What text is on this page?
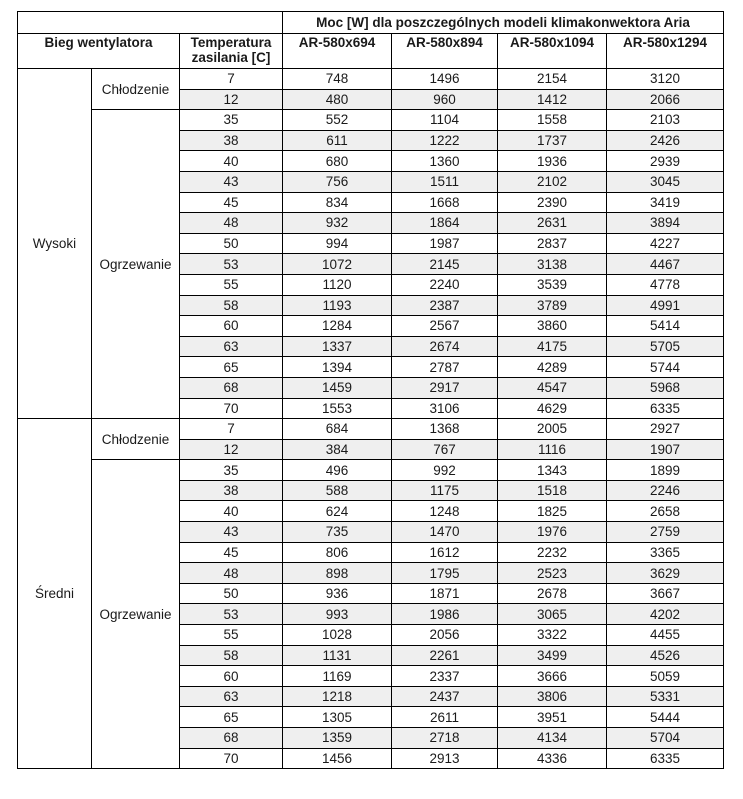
			Moc [W] dla poszczególnych modeli klimakonwektora Aria			
Bieg wentylatora		Temperatura zasilania [C]	AR-580x694	AR-580x894	AR-580x1094	AR-580x1294
Wysoki	Chłodzenie	7	748	1496	2154	3120
		12	480	960	1412	2066
	Ogrzewanie	35	552	1104	1558	2103
		38	611	1222	1737	2426
		40	680	1360	1936	2939
		43	756	1511	2102	3045
		45	834	1668	2390	3419
		48	932	1864	2631	3894
		50	994	1987	2837	4227
		53	1072	2145	3138	4467
		55	1120	2240	3539	4778
		58	1193	2387	3789	4991
		60	1284	2567	3860	5414
		63	1337	2674	4175	5705
		65	1394	2787	4289	5744
		68	1459	2917	4547	5968
		70	1553	3106	4629	6335
Średni	Chłodzenie	7	684	1368	2005	2927
		12	384	767	1116	1907
	Ogrzewanie	35	496	992	1343	1899
		38	588	1175	1518	2246
		40	624	1248	1825	2658
		43	735	1470	1976	2759
		45	806	1612	2232	3365
		48	898	1795	2523	3629
		50	936	1871	2678	3667
		53	993	1986	3065	4202
		55	1028	2056	3322	4455
		58	1131	2261	3499	4526
		60	1169	2337	3666	5059
		63	1218	2437	3806	5331
		65	1305	2611	3951	5444
		68	1359	2718	4134	5704
		70	1456	2913	4336	6335
